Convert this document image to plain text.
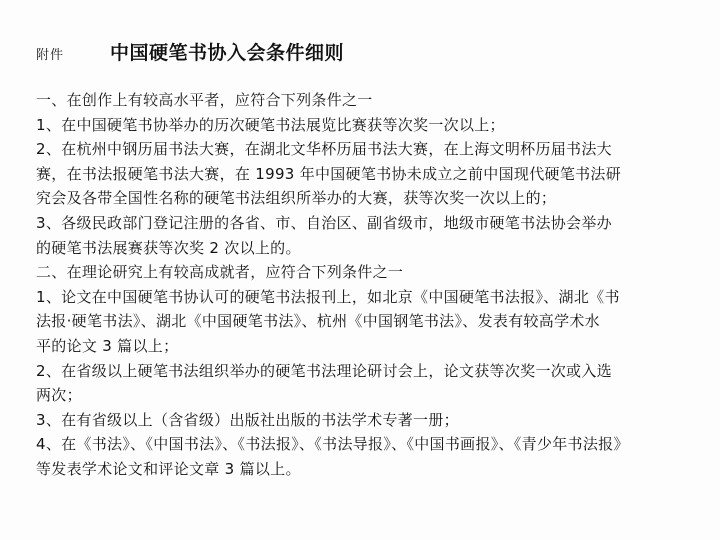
附件 中国硬笔书协入会条件细则
一、在创作上有较高水平者，应符合下列条件之一
1、在中国硬笔书协举办的历次硬笔书法展览比赛获等次奖一次以上；
2、在杭州中钢历届书法大赛，在湖北文华杯历届书法大赛，在上海文明杯历届书法大
赛，在书法报硬笔书法大赛，在 1993 年中国硬笔书协未成立之前中国现代硬笔书法研
究会及各带全国性名称的硬笔书法组织所举办的大赛，获等次奖一次以上的；
3、各级民政部门登记注册的各省、市、自治区、副省级市，地级市硬笔书法协会举办
的硬笔书法展赛获等次奖 2 次以上的。
二、在理论研究上有较高成就者，应符合下列条件之一
1、论文在中国硬笔书协认可的硬笔书法报刊上，如北京《中国硬笔书法报》、湖北《书
法报·硬笔书法》、湖北《中国硬笔书法》、杭州《中国钢笔书法》、发表有较高学术水
平的论文 3 篇以上；
2、在省级以上硬笔书法组织举办的硬笔书法理论研讨会上，论文获等次奖一次或入选
两次；
3、在有省级以上（含省级）出版社出版的书法学术专著一册；
4、在《书法》、《中国书法》、《书法报》、《书法导报》、《中国书画报》、《青少年书法报》
等发表学术论文和评论文章 3 篇以上。
